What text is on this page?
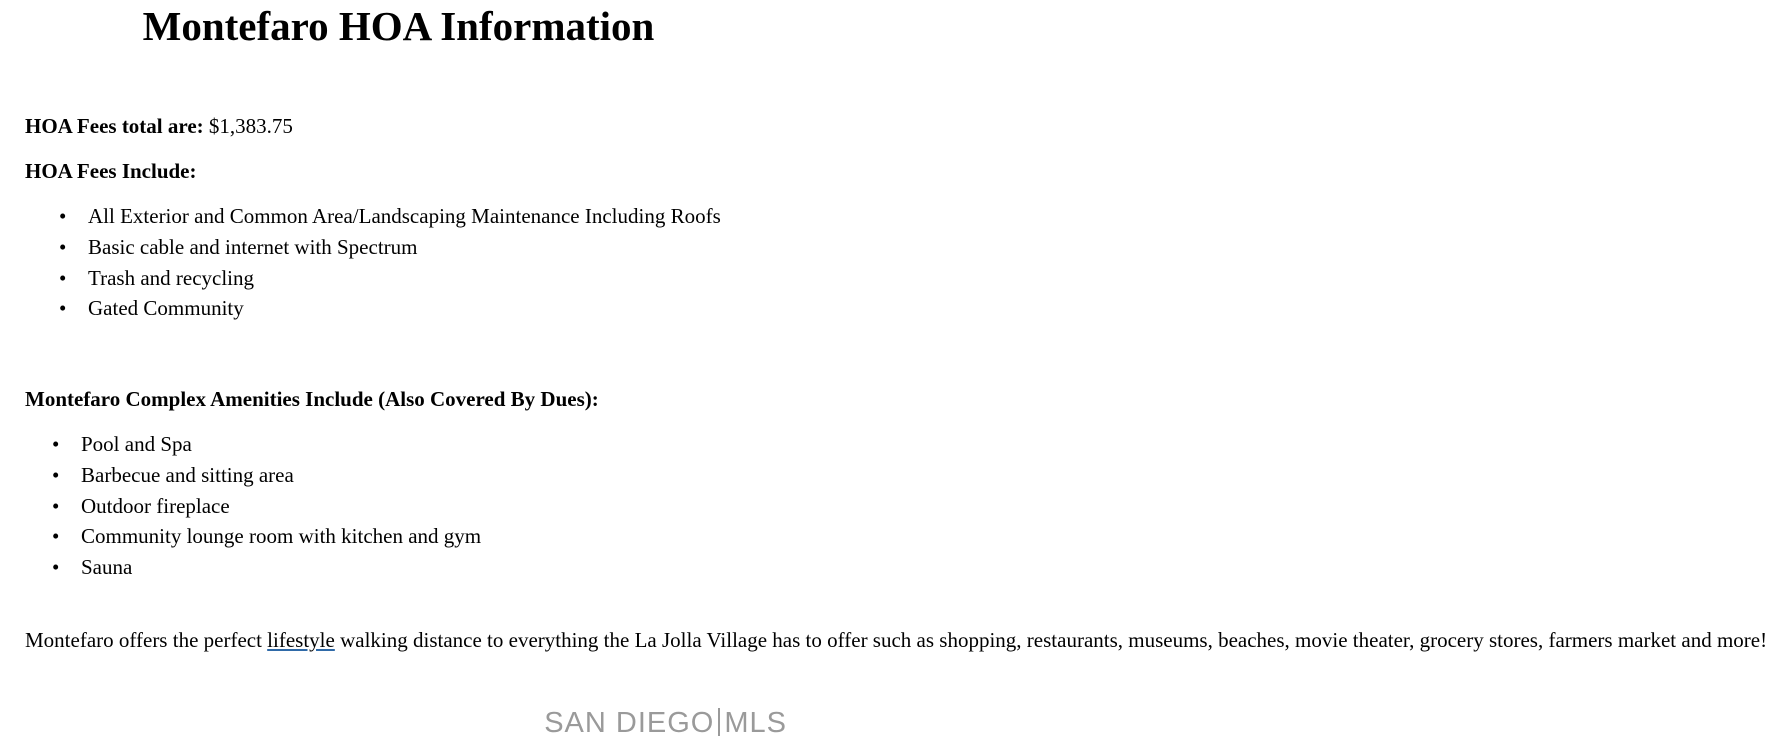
Montefaro HOA Information

HOA Fees total are: $1,383.75

HOA Fees Include:

• All Exterior and Common Area/Landscaping Maintenance Including Roofs
• Basic cable and internet with Spectrum
• Trash and recycling
• Gated Community

Montefaro Complex Amenities Include (Also Covered By Dues):

• Pool and Spa
• Barbecue and sitting area
• Outdoor fireplace
• Community lounge room with kitchen and gym
• Sauna

Montefaro offers the perfect lifestyle walking distance to everything the La Jolla Village has to offer such as shopping, restaurants, museums, beaches, movie theater, grocery stores, farmers market and more!

SAN DIEGO MLS
